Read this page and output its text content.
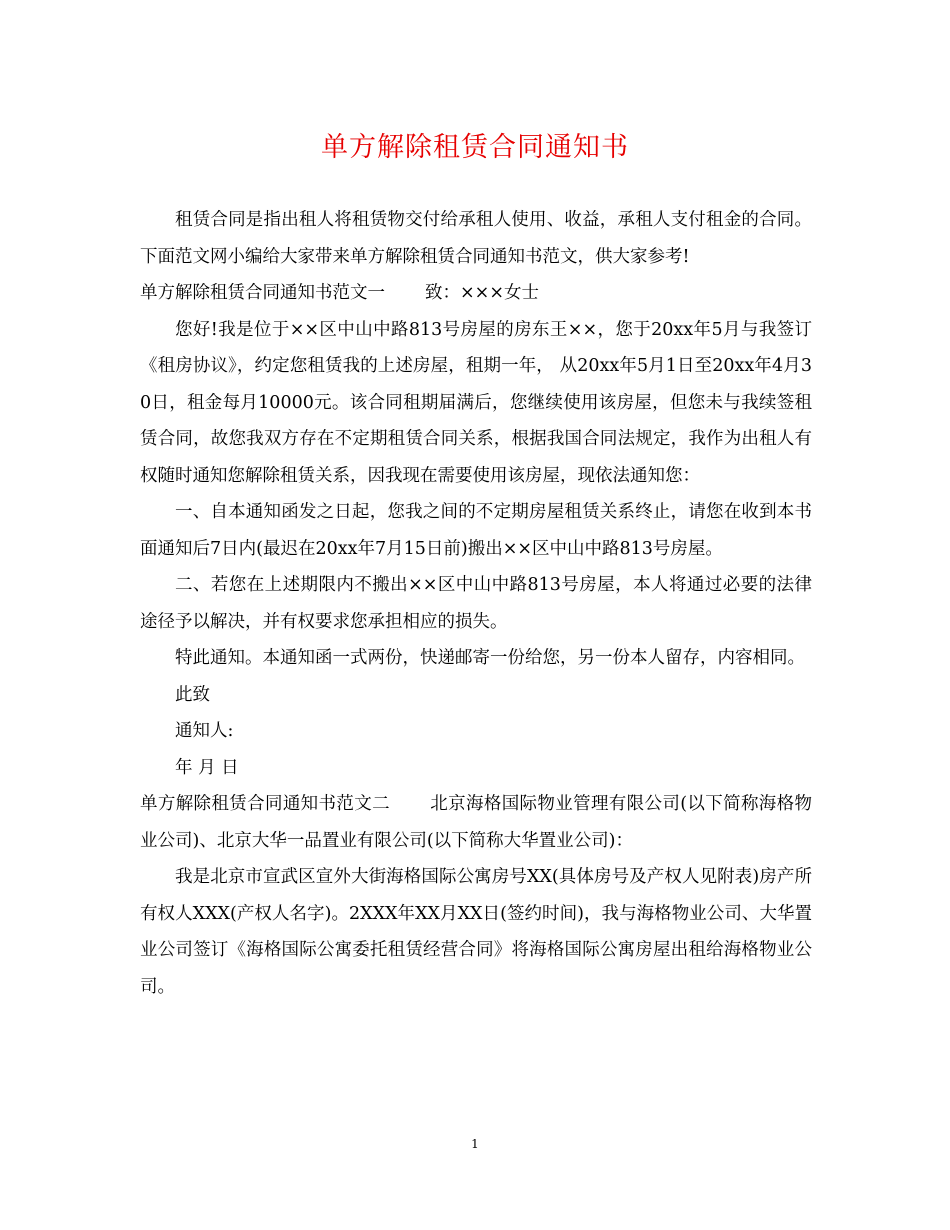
单方解除租赁合同通知书

租赁合同是指出租人将租赁物交付给承租人使用、收益，承租人支付租金的合同。下面范文网小编给大家带来单方解除租赁合同通知书范文，供大家参考!

单方解除租赁合同通知书范文一 致：×××女士

您好!我是位于××区中山中路813号房屋的房东王××，您于20xx年5月与我签订《租房协议》，约定您租赁我的上述房屋，租期一年， 从20xx年5月1日至20xx年4月30日，租金每月10000元。该合同租期届满后，您继续使用该房屋，但您未与我续签租赁合同，故您我双方存在不定期租赁合同关系，根据我国合同法规定，我作为出租人有权随时通知您解除租赁关系，因我现在需要使用该房屋，现依法通知您：

一、自本通知函发之日起，您我之间的不定期房屋租赁关系终止，请您在收到本书面通知后7日内(最迟在20xx年7月15日前)搬出××区中山中路813号房屋。

二、若您在上述期限内不搬出××区中山中路813号房屋，本人将通过必要的法律途径予以解决，并有权要求您承担相应的损失。

特此通知。本通知函一式两份，快递邮寄一份给您，另一份本人留存，内容相同。

此致

通知人:

年 月 日

单方解除租赁合同通知书范文二 北京海格国际物业管理有限公司(以下简称海格物业公司)、北京大华一品置业有限公司(以下简称大华置业公司)：

我是北京市宣武区宣外大街海格国际公寓房号XX(具体房号及产权人见附表)房产所有权人XXX(产权人名字)。2XXX年XX月XX日(签约时间)，我与海格物业公司、大华置业公司签订《海格国际公寓委托租赁经营合同》将海格国际公寓房屋出租给海格物业公司。

1
